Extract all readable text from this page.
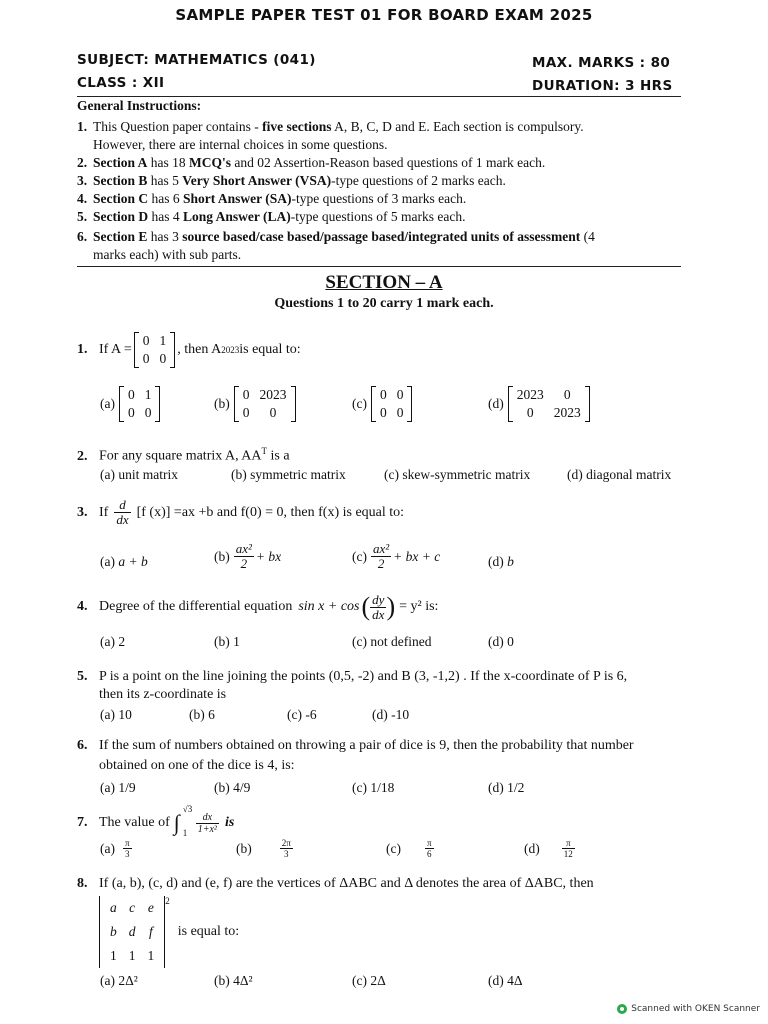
SAMPLE PAPER TEST 01 FOR BOARD EXAM 2025
SUBJECT: MATHEMATICS (041)	MAX. MARKS : 80
CLASS : XII	DURATION: 3 HRS
General Instructions:
1. This Question paper contains - five sections A, B, C, D and E. Each section is compulsory.
However, there are internal choices in some questions.
2. Section A has 18 MCQ's and 02 Assertion-Reason based questions of 1 mark each.
3. Section B has 5 Very Short Answer (VSA)-type questions of 2 marks each.
4. Section C has 6 Short Answer (SA)-type questions of 3 marks each.
5. Section D has 4 Long Answer (LA)-type questions of 5 marks each.
6. Section E has 3 source based/case based/passage based/integrated units of assessment (4
marks each) with sub parts.
SECTION – A
Questions 1 to 20 carry 1 mark each.
1. If A =
0	1
0	0
, then A 2023 is equal to:
(a)
0	1
0	0
(b)
0	2023
0	0
(c)
0	0
0	0
(d)
2023	0
0	2023
2. For any square matrix A, $AA^T$ is a
(a) unit matrix	(b) symmetric matrix	(c) skew-symmetric matrix	(d) diagonal matrix
3. If $\frac{d}{dx} [f$ (x)] =ax +b and f(0) = 0, then f(x) is equal to:
(a) a + b	$(b) \frac{\text{ax²}}{2}$ + bx	$(c) \frac{\text{ax²}}{2}$ + bx + c	(d) b
4. Degree of the differential equation sin x + cos ( $\frac{dy}{dx}$ ) = y² is:
(a) 2	(b) 1	(c) not defined	(d) 0
5. P is a point on the line joining the points (0,5, -2) and B (3, -1,2) . If the x-coordinate of P is 6,
then its z-coordinate is
(a) 10	(b) 6	(c) -6	(d) -10
6. If the sum of numbers obtained on throwing a pair of dice is 9, then the probability that number
obtained on one of the dice is 4, is:
(a) 1/9	(b) 4/9	(c) 1/18	(d) 1/2
7. The value of ∫
√3
$1 \frac{dx}{\text{1+x²}}$ is
$(a) \frac{\pi}{3}$	(b)	$\frac{2\pi}{3}$	(c)	$\frac{\pi}{6}$	$(d) \frac{\pi}{12}$
8. If (a, b), (c, d) and (e, f) are the vertices of ΔABC and Δ denotes the area of ΔABC, then
a	c	e
b	d	f
1	1	1
$^2$
is equal to:
(a) 2Δ²	(b) 4Δ²	(c) 2Δ	(d) 4Δ
Scanned with OKEN Scanner
